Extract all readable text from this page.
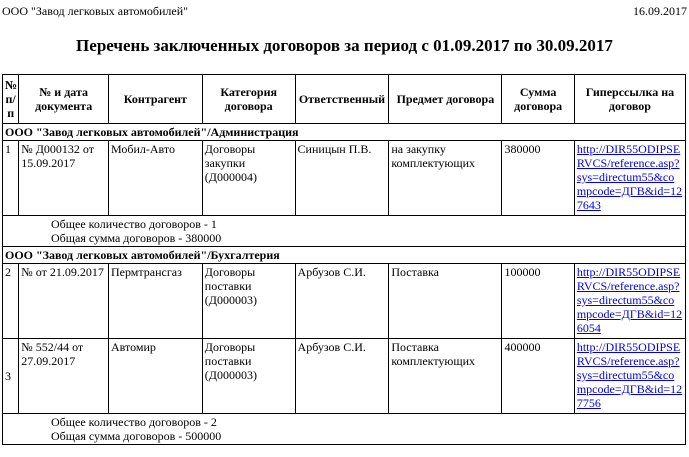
ООО "Завод легковых автомобилей"	16.09.2017
Перечень заключенных договоров за период с 01.09.2017 по 30.09.2017
№ п/п	№ и дата документа	Контрагент	Категория договора	Ответственный	Предмет договора	Сумма договора	Гиперссылка на договор
ООО "Завод легковых автомобилей"/Администрация							
1	№ Д000132 от 15.09.2017	Мобил-Авто	Договоры закупки (Д000004)	Синицын П.В.	на закупку комплектующих	380000	http://DIR55ODIPSERVCS/reference.asp?sys=directum55&compcode=ДГВ&id=127643

Общее количество договоров - 1
Общая сумма договоров - 380000							

ООО "Завод легковых автомобилей"/Бухгалтерия							
2	№ от 21.09.2017	Пермтрансгаз	Договоры поставки (Д000003)	Арбузов С.И.	Поставка	100000	http://DIR55ODIPSERVCS/reference.asp?sys=directum55&compcode=ДГВ&id=126054
3	№ 552/44 от 27.09.2017	Автомир	Договоры поставки (Д000003)	Арбузов С.И.	Поставка комплектующих	400000	http://DIR55ODIPSERVCS/reference.asp?sys=directum55&compcode=ДГВ&id=127756

Общее количество договоров - 2
Общая сумма договоров - 500000							
